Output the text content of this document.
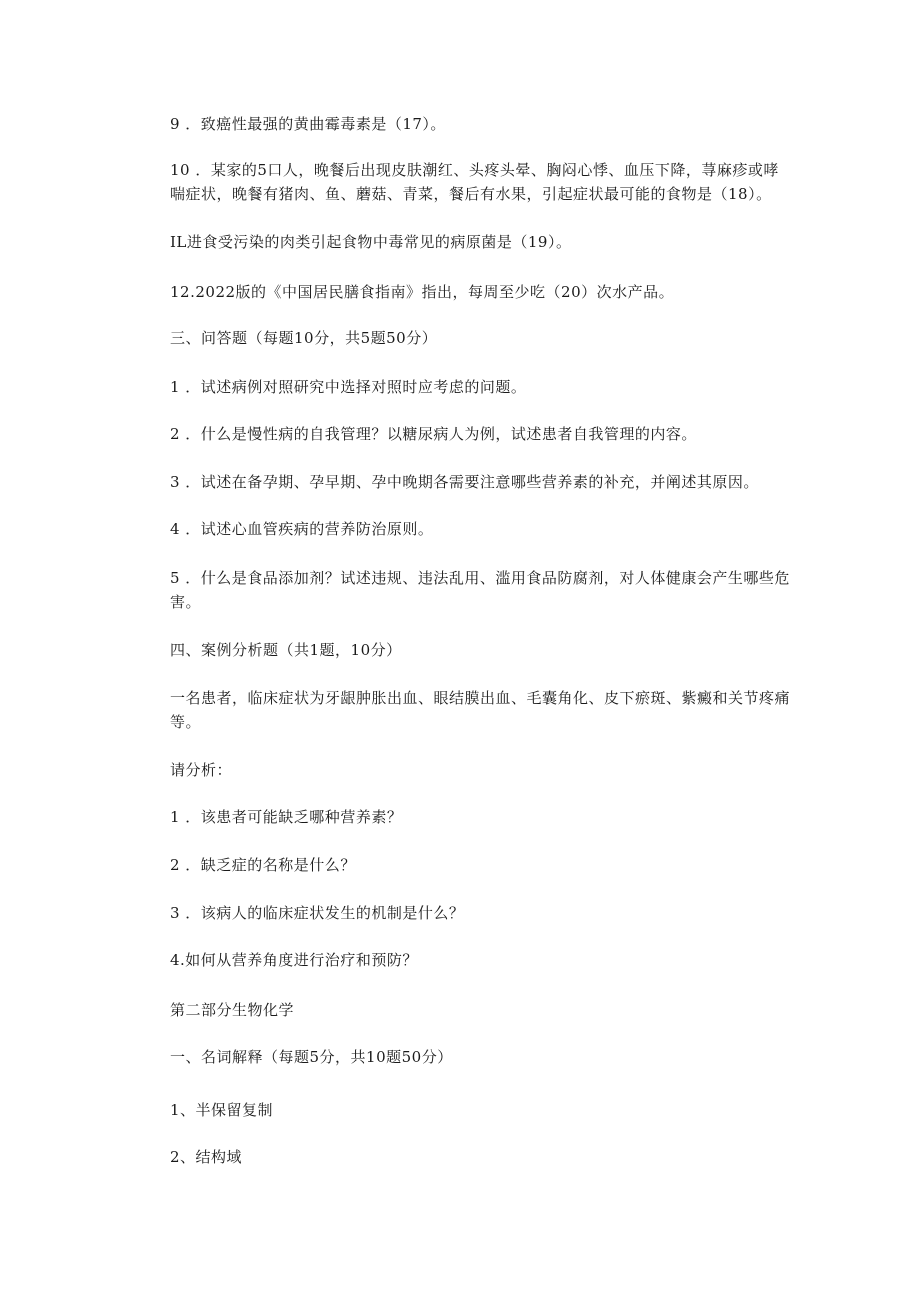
9 ．致癌性最强的黄曲霉毒素是（17）。
10 ．某家的5口人，晚餐后出现皮肤潮红、头疼头晕、胸闷心悸、血压下降，荨麻疹或哮喘症状，晚餐有猪肉、鱼、蘑菇、青菜，餐后有水果，引起症状最可能的食物是（18）。
IL进食受污染的肉类引起食物中毒常见的病原菌是（19）。
12.2022版的《中国居民膳食指南》指出，每周至少吃（20）次水产品。
三、问答题（每题10分，共5题50分）
1 ．试述病例对照研究中选择对照时应考虑的问题。
2 ．什么是慢性病的自我管理？以糖尿病人为例，试述患者自我管理的内容。
3 ．试述在备孕期、孕早期、孕中晚期各需要注意哪些营养素的补充，并阐述其原因。
4 ．试述心血管疾病的营养防治原则。
5 ．什么是食品添加剂？试述违规、违法乱用、滥用食品防腐剂，对人体健康会产生哪些危害。
四、案例分析题（共1题，10分）
一名患者，临床症状为牙龈肿胀出血、眼结膜出血、毛囊角化、皮下瘀斑、紫癜和关节疼痛等。
请分析：
1 ．该患者可能缺乏哪种营养素？
2 ．缺乏症的名称是什么？
3 ．该病人的临床症状发生的机制是什么？
4.如何从营养角度进行治疗和预防？
第二部分生物化学
一、名词解释（每题5分，共10题50分）
1、半保留复制
2、结构域
